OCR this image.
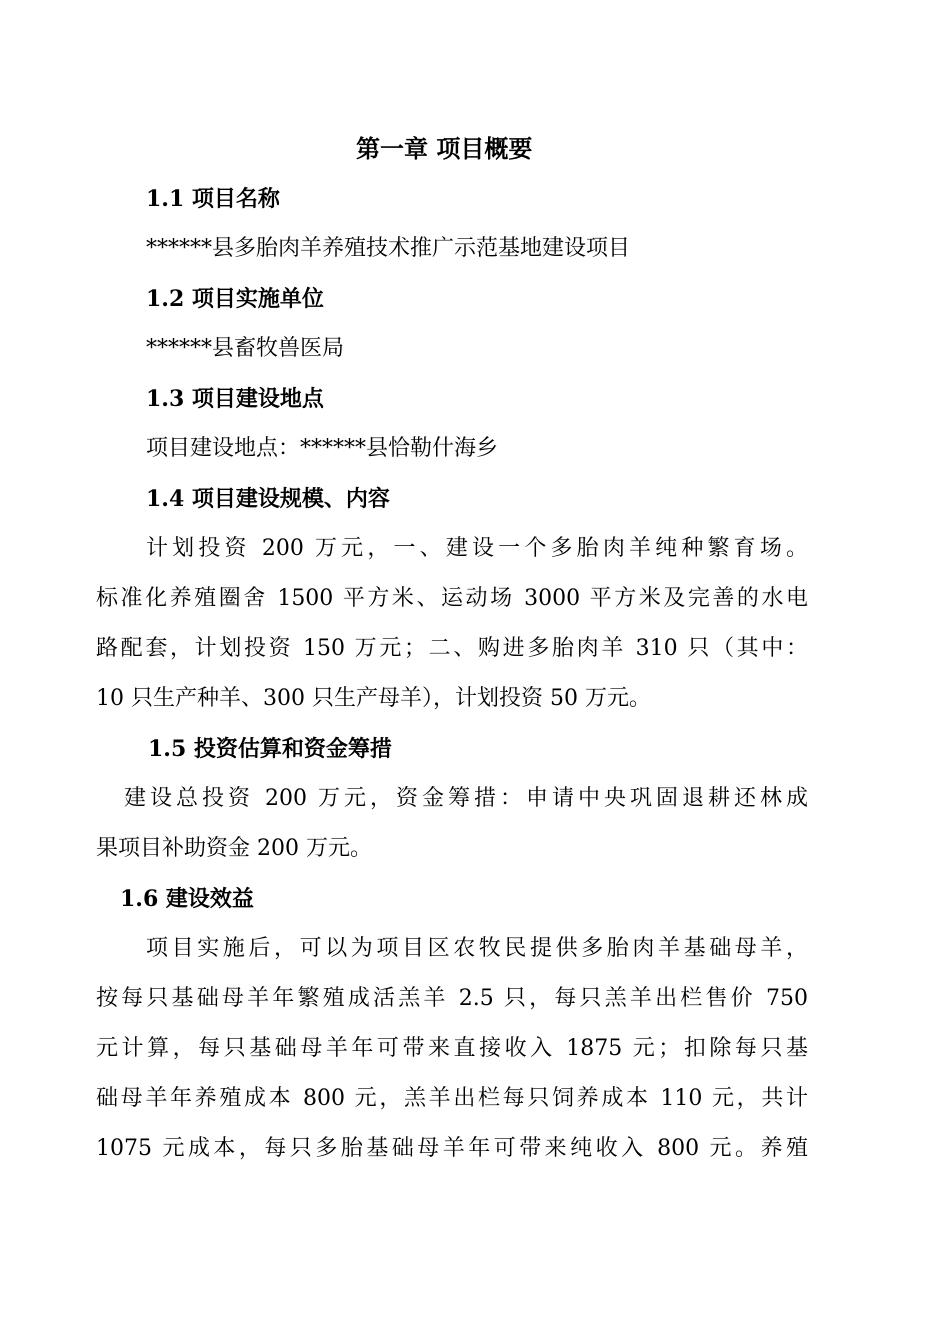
第一章 项目概要
1.1 项目名称
******县多胎肉羊养殖技术推广示范基地建设项目
1.2 项目实施单位
******县畜牧兽医局
1.3 项目建设地点
项目建设地点：******县恰勒什海乡
1.4 项目建设规模、内容
计划投资 200 万元，一、建设一个多胎肉羊纯种繁育场。
标准化养殖圈舍 1500 平方米、运动场 3000 平方米及完善的水电
路配套，计划投资 150 万元；二、购进多胎肉羊 310 只（其中：
10 只生产种羊、300 只生产母羊），计划投资 50 万元。
1.5 投资估算和资金筹措
建设总投资 200 万元，资金筹措：申请中央巩固退耕还林成
果项目补助资金 200 万元。
1.6 建设效益
项目实施后，可以为项目区农牧民提供多胎肉羊基础母羊，
按每只基础母羊年繁殖成活羔羊 2.5 只，每只羔羊出栏售价 750
元计算，每只基础母羊年可带来直接收入 1875 元；扣除每只基
础母羊年养殖成本 800 元，羔羊出栏每只饲养成本 110 元，共计
1075 元成本，每只多胎基础母羊年可带来纯收入 800 元。养殖
